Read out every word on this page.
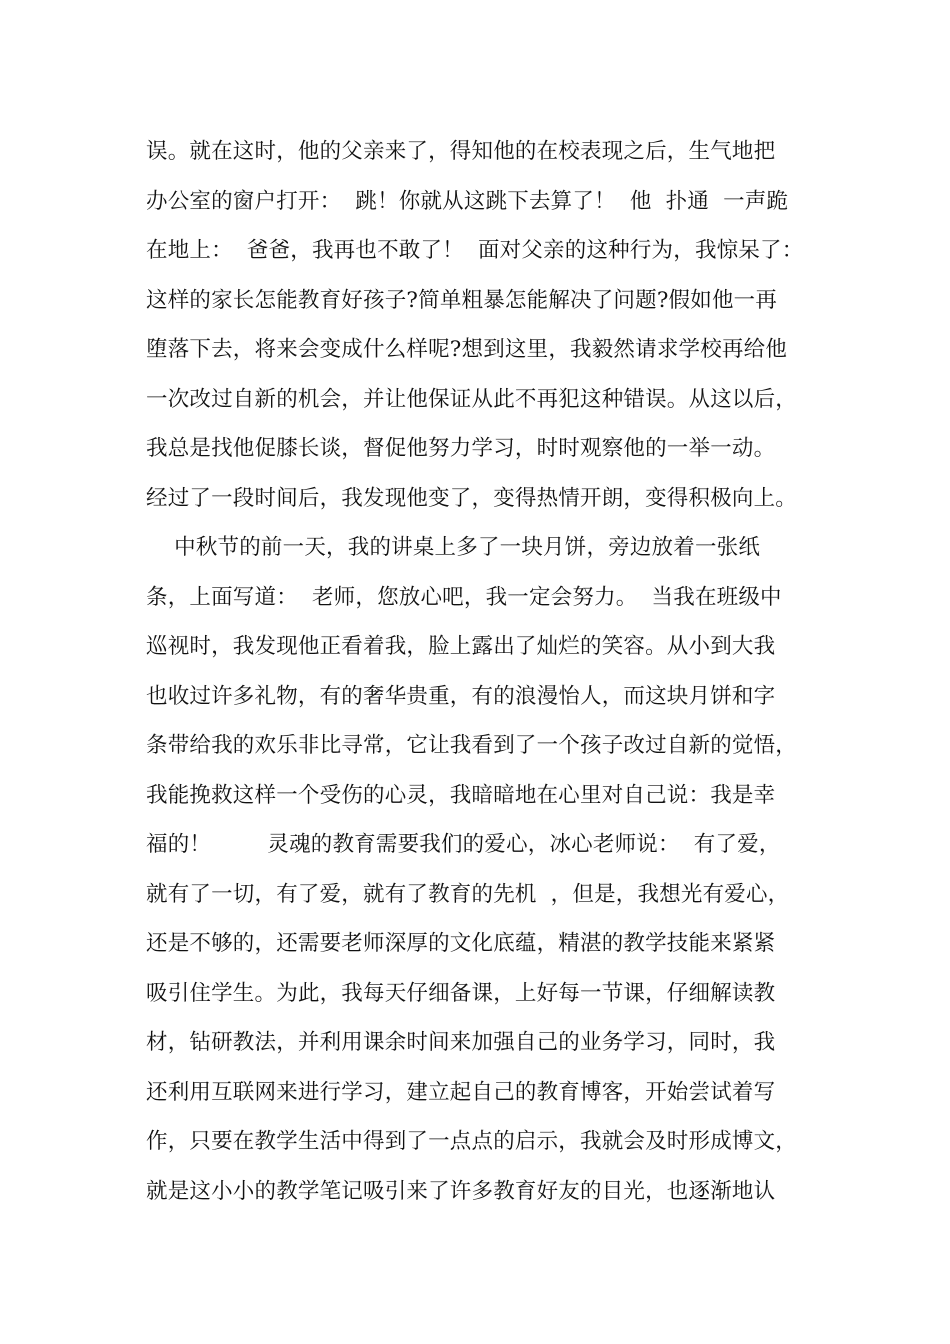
误。就在这时，他的父亲来了，得知他的在校表现之后，生气地把
办公室的窗户打开：  跳！你就从这跳下去算了！  他  扑通  一声跪
在地上：  爸爸，我再也不敢了！  面对父亲的这种行为，我惊呆了：
这样的家长怎能教育好孩子?简单粗暴怎能解决了问题?假如他一再
堕落下去，将来会变成什么样呢?想到这里，我毅然请求学校再给他
一次改过自新的机会，并让他保证从此不再犯这种错误。从这以后，
我总是找他促膝长谈，督促他努力学习，时时观察他的一举一动。
经过了一段时间后，我发现他变了，变得热情开朗，变得积极向上。
中秋节的前一天，我的讲桌上多了一块月饼，旁边放着一张纸
条，上面写道：  老师，您放心吧，我一定会努力。  当我在班级中
巡视时，我发现他正看着我，脸上露出了灿烂的笑容。从小到大我
也收过许多礼物，有的奢华贵重，有的浪漫怡人，而这块月饼和字
条带给我的欢乐非比寻常，它让我看到了一个孩子改过自新的觉悟，
我能挽救这样一个受伤的心灵，我暗暗地在心里对自己说：我是幸
福的！        灵魂的教育需要我们的爱心，冰心老师说：  有了爱，
就有了一切，有了爱，就有了教育的先机  ，但是，我想光有爱心，
还是不够的，还需要老师深厚的文化底蕴，精湛的教学技能来紧紧
吸引住学生。为此，我每天仔细备课，上好每一节课，仔细解读教
材，钻研教法，并利用课余时间来加强自己的业务学习，同时，我
还利用互联网来进行学习，建立起自己的教育博客，开始尝试着写
作，只要在教学生活中得到了一点点的启示，我就会及时形成博文，
就是这小小的教学笔记吸引来了许多教育好友的目光，也逐渐地认
